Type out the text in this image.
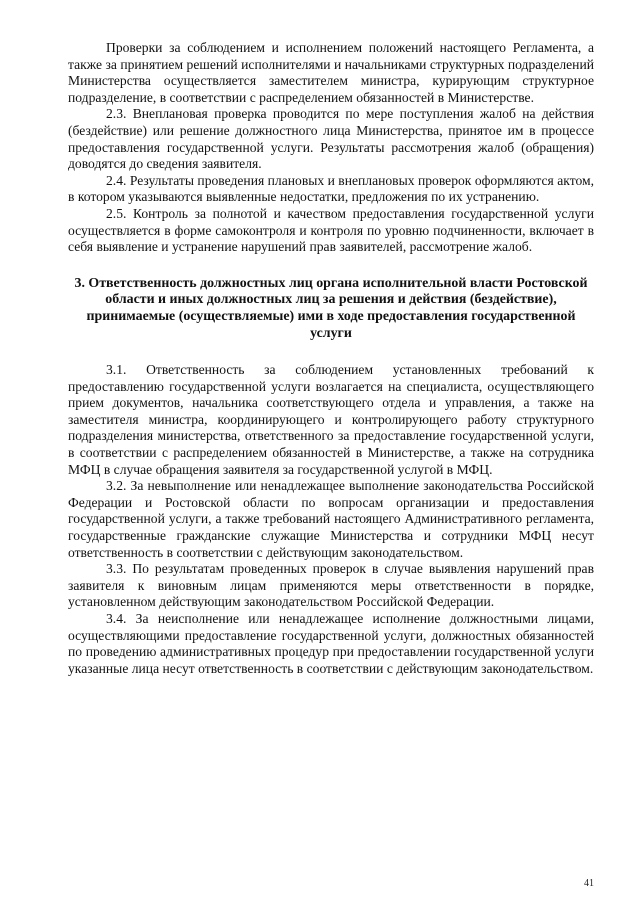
Проверки за соблюдением и исполнением положений настоящего Регламента, а также за принятием решений исполнителями и начальниками структурных подразделений Министерства осуществляется заместителем министра, курирующим структурное подразделение, в соответствии с распределением обязанностей в Министерстве.

2.3. Внеплановая проверка проводится по мере поступления жалоб на действия (бездействие) или решение должностного лица Министерства, принятое им в процессе предоставления государственной услуги. Результаты рассмотрения жалоб (обращения) доводятся до сведения заявителя.

2.4. Результаты проведения плановых и внеплановых проверок оформляются актом, в котором указываются выявленные недостатки, предложения по их устранению.

2.5. Контроль за полнотой и качеством предоставления государственной услуги осуществляется в форме самоконтроля и контроля по уровню подчиненности, включает в себя выявление и устранение нарушений прав заявителей, рассмотрение жалоб.

3. Ответственность должностных лиц органа исполнительной власти Ростовской области и иных должностных лиц за решения и действия (бездействие), принимаемые (осуществляемые) ими в ходе предоставления государственной услуги

3.1. Ответственность за соблюдением установленных требований к предоставлению государственной услуги возлагается на специалиста, осуществляющего прием документов, начальника соответствующего отдела и управления, а также на заместителя министра, координирующего и контролирующего работу структурного подразделения министерства, ответственного за предоставление государственной услуги, в соответствии с распределением обязанностей в Министерстве, а также на сотрудника МФЦ в случае обращения заявителя за государственной услугой в МФЦ.

3.2. За невыполнение или ненадлежащее выполнение законодательства Российской Федерации и Ростовской области по вопросам организации и предоставления государственной услуги, а также требований настоящего Административного регламента, государственные гражданские служащие Министерства и сотрудники МФЦ несут ответственность в соответствии с действующим законодательством.

3.3. По результатам проведенных проверок в случае выявления нарушений прав заявителя к виновным лицам применяются меры ответственности в порядке, установленном действующим законодательством Российской Федерации.

3.4. За неисполнение или ненадлежащее исполнение должностными лицами, осуществляющими предоставление государственной услуги, должностных обязанностей по проведению административных процедур при предоставлении государственной услуги указанные лица несут ответственность в соответствии с действующим законодательством.

41
